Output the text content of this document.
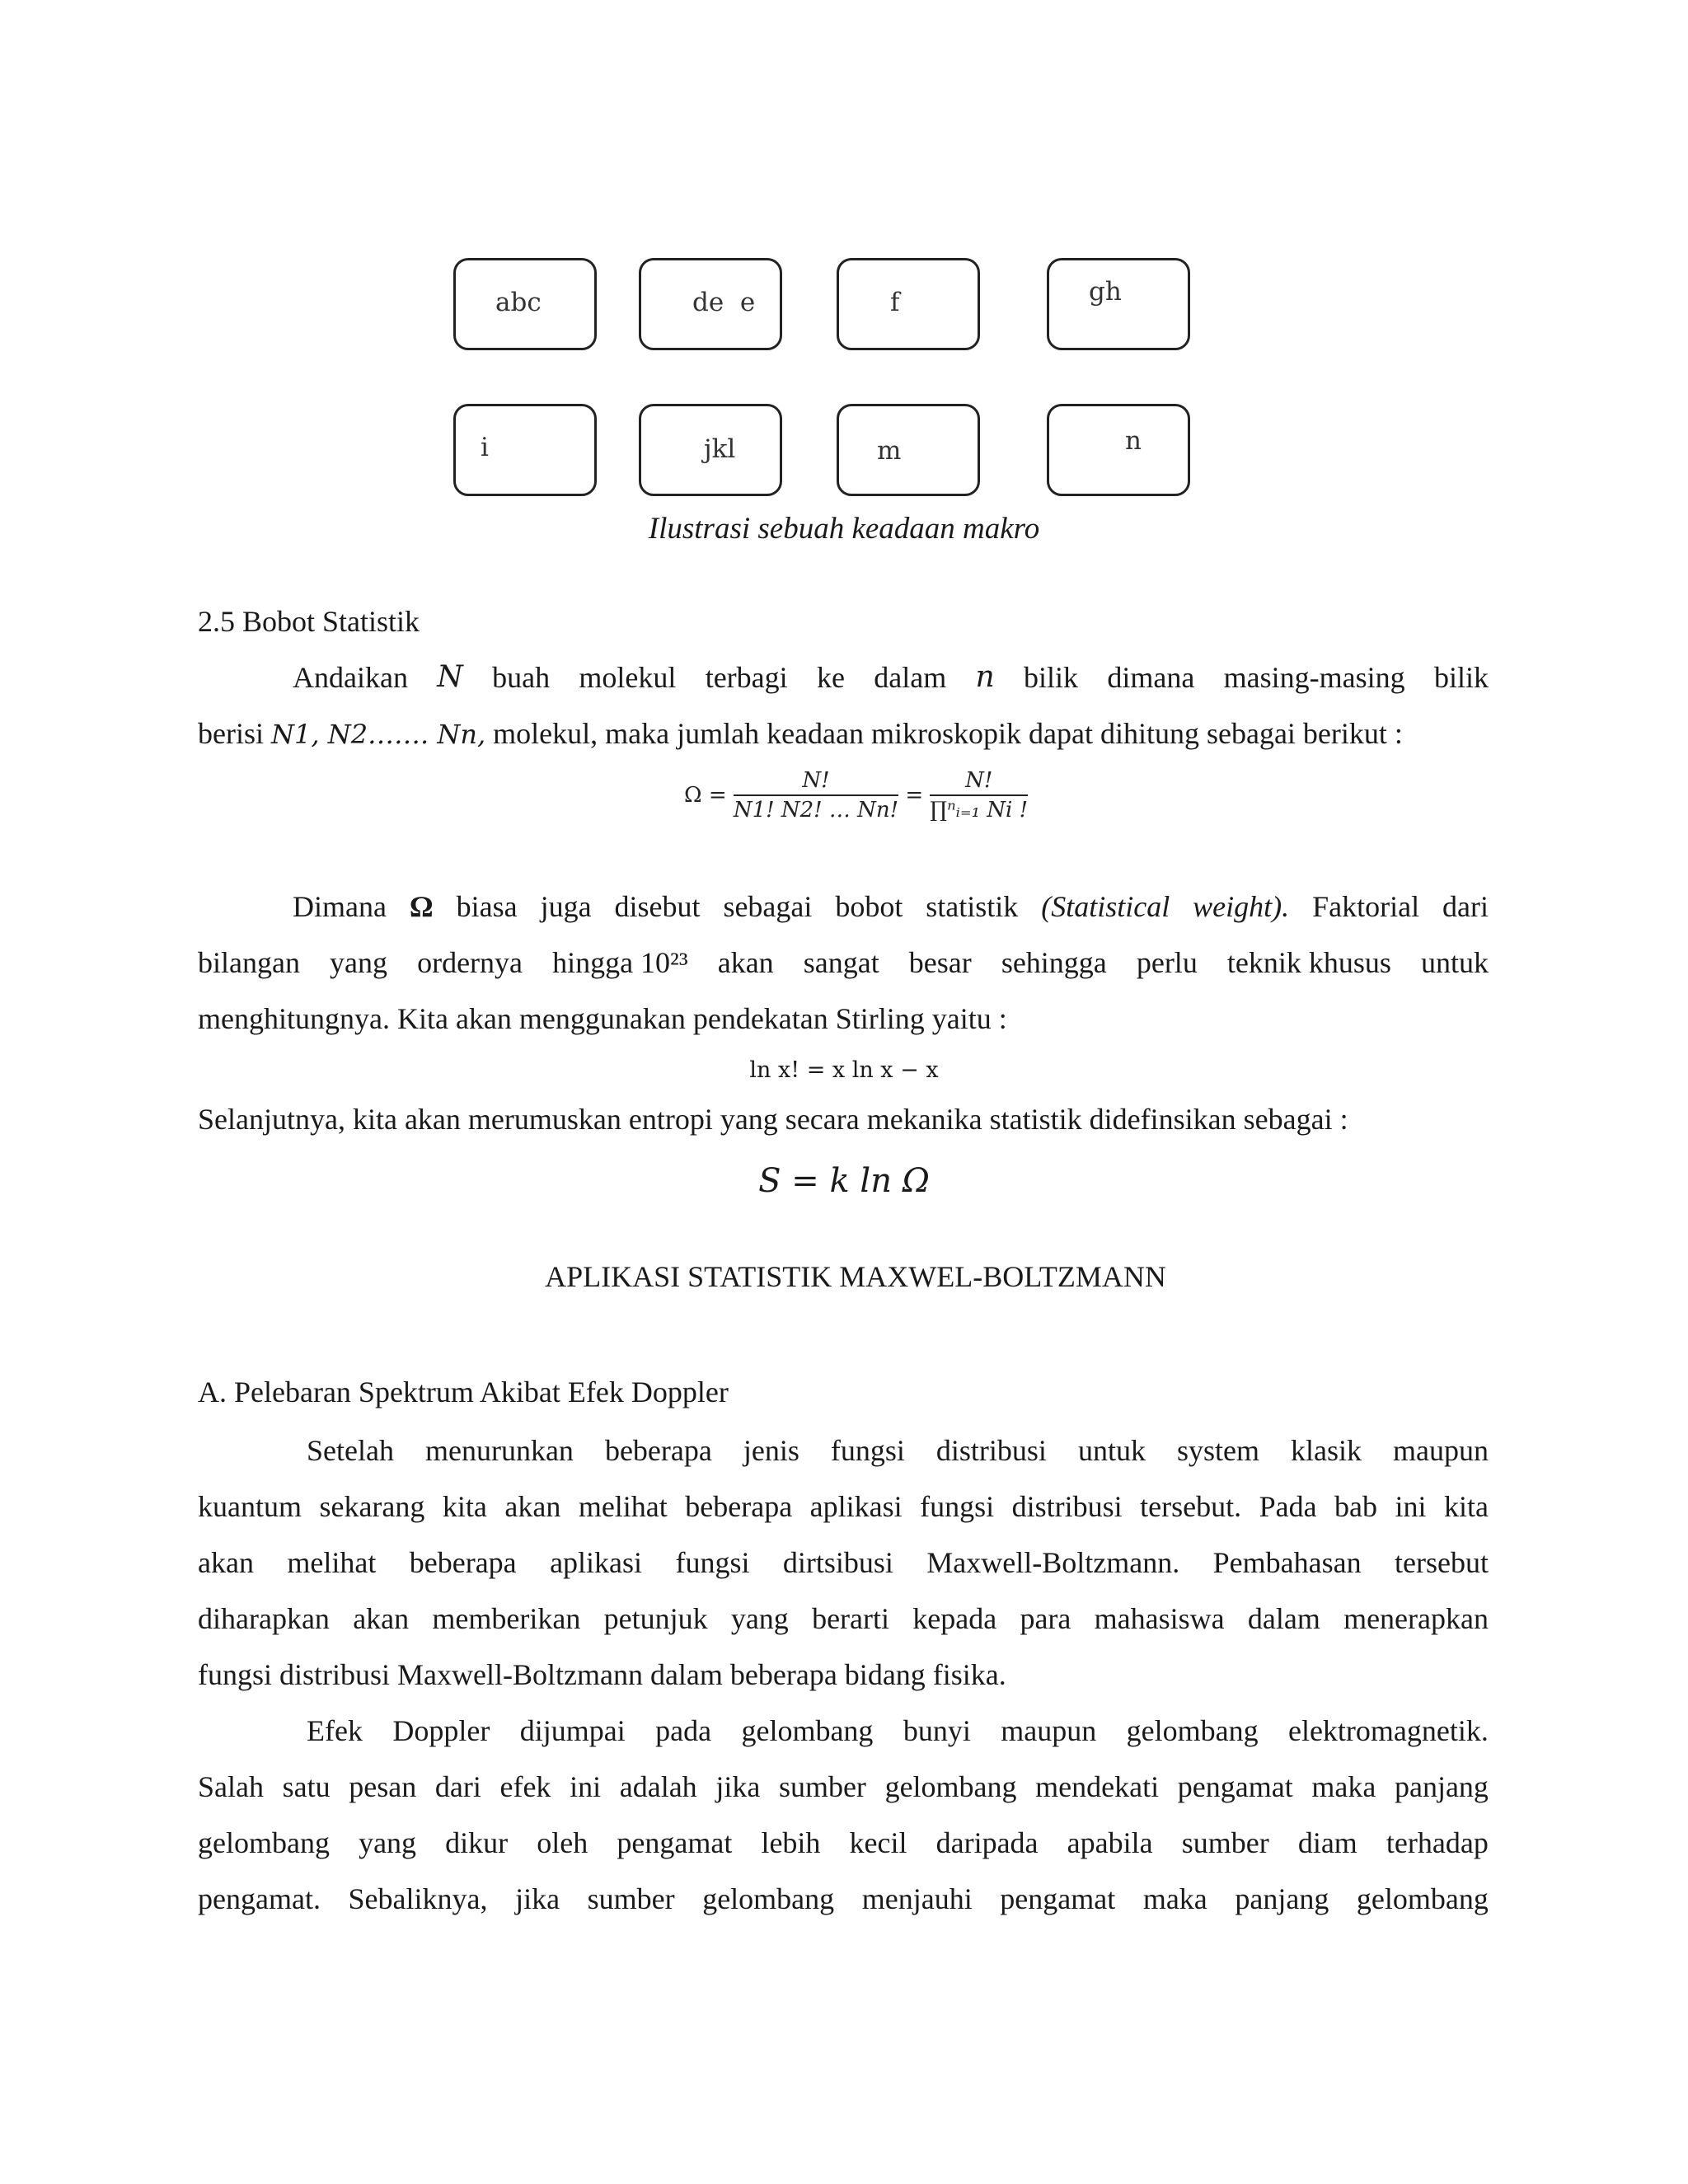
abc	de  e	f	gh
i	jkl	m	n
Ilustrasi sebuah keadaan makro
2.5 Bobot Statistik
Andaikan N buah molekul terbagi ke dalam n bilik dimana masing-masing bilik
berisi N1, N2……. Nn, molekul, maka jumlah keadaan mikroskopik dapat dihitung sebagai berikut :
$\Omega = \frac{N!}{N1! N2! \dots Nn!} = \frac{N!}{\text{∏ⁿᵢ₌₁ Ni !}}$
Dimana Ω biasa juga disebut sebagai bobot statistik (Statistical weight). Faktorial dari
bilangan yang ordernya hingga 10²³ akan sangat besar sehingga perlu teknik khusus untuk
menghitungnya. Kita akan menggunakan pendekatan Stirling yaitu :
ln x! = x ln x − x
Selanjutnya, kita akan merumuskan entropi yang secara mekanika statistik didefinsikan sebagai :
S = k ln Ω
APLIKASI STATISTIK MAXWEL-BOLTZMANN
A. Pelebaran Spektrum Akibat Efek Doppler
Setelah menurunkan beberapa jenis fungsi distribusi untuk system klasik maupun
kuantum sekarang kita akan melihat beberapa aplikasi fungsi distribusi tersebut. Pada bab ini kita
akan melihat beberapa aplikasi fungsi dirtsibusi Maxwell-Boltzmann. Pembahasan tersebut
diharapkan akan memberikan petunjuk yang berarti kepada para mahasiswa dalam menerapkan
fungsi distribusi Maxwell-Boltzmann dalam beberapa bidang fisika.
Efek Doppler dijumpai pada gelombang bunyi maupun gelombang elektromagnetik.
Salah satu pesan dari efek ini adalah jika sumber gelombang mendekati pengamat maka panjang
gelombang yang dikur oleh pengamat lebih kecil daripada apabila sumber diam terhadap
pengamat. Sebaliknya, jika sumber gelombang menjauhi pengamat maka panjang gelombang
